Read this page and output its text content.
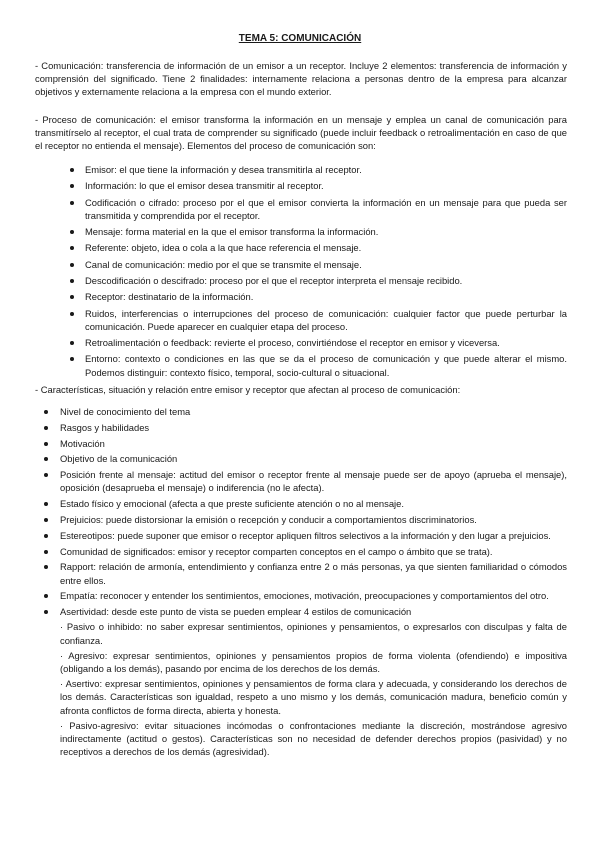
TEMA 5: COMUNICACIÓN
- Comunicación: transferencia de información de un emisor a un receptor. Incluye 2 elementos: transferencia de información y comprensión del significado. Tiene 2 finalidades: internamente relaciona a personas dentro de la empresa para alcanzar objetivos y externamente relaciona a la empresa con el mundo exterior.
- Proceso de comunicación: el emisor transforma la información en un mensaje y emplea un canal de comunicación para transmitírselo al receptor, el cual trata de comprender su significado (puede incluir feedback o retroalimentación en caso de que el receptor no entienda el mensaje). Elementos del proceso de comunicación son:
Emisor: el que tiene la información y desea transmitirla al receptor.
Información: lo que el emisor desea transmitir al receptor.
Codificación o cifrado: proceso por el que el emisor convierta la información en un mensaje para que pueda ser transmitida y comprendida por el receptor.
Mensaje: forma material en la que el emisor transforma la información.
Referente: objeto, idea o cola a la que hace referencia el mensaje.
Canal de comunicación: medio por el que se transmite el mensaje.
Descodificación o descifrado: proceso por el que el receptor interpreta el mensaje recibido.
Receptor: destinatario de la información.
Ruidos, interferencias o interrupciones del proceso de comunicación: cualquier factor que puede perturbar la comunicación. Puede aparecer en cualquier etapa del proceso.
Retroalimentación o feedback: revierte el proceso, convirtiéndose el receptor en emisor y viceversa.
Entorno: contexto o condiciones en las que se da el proceso de comunicación y que puede alterar el mismo. Podemos distinguir: contexto físico, temporal, socio-cultural o situacional.
- Características, situación y relación entre emisor y receptor que afectan al proceso de comunicación:
Nivel de conocimiento del tema
Rasgos y habilidades
Motivación
Objetivo de la comunicación
Posición frente al mensaje: actitud del emisor o receptor frente al mensaje puede ser de apoyo (aprueba el mensaje), oposición (desaprueba el mensaje) o indiferencia (no le afecta).
Estado físico y emocional (afecta a que preste suficiente atención o no al mensaje.
Prejuicios: puede distorsionar la emisión o recepción y conducir a comportamientos discriminatorios.
Estereotipos: puede suponer que emisor o receptor apliquen filtros selectivos a la información y den lugar a prejuicios.
Comunidad de significados: emisor y receptor comparten conceptos en el campo o ámbito que se trata).
Rapport: relación de armonía, entendimiento y confianza entre 2 o más personas, ya que sienten familiaridad o cómodos entre ellos.
Empatía: reconocer y entender los sentimientos, emociones, motivación, preocupaciones y comportamientos del otro.
Asertividad: desde este punto de vista se pueden emplear 4 estilos de comunicación
· Pasivo o inhibido: no saber expresar sentimientos, opiniones y pensamientos, o expresarlos con disculpas y falta de confianza.
· Agresivo: expresar sentimientos, opiniones y pensamientos propios de forma violenta (ofendiendo) e impositiva (obligando a los demás), pasando por encima de los derechos de los demás.
· Asertivo: expresar sentimientos, opiniones y pensamientos de forma clara y adecuada, y considerando los derechos de los demás. Características son igualdad, respeto a uno mismo y los demás, comunicación madura, beneficio común y afronta conflictos de forma directa, abierta y honesta.
· Pasivo-agresivo: evitar situaciones incómodas o confrontaciones mediante la discreción, mostrándose agresivo indirectamente (actitud o gestos). Características son no necesidad de defender derechos propios (pasividad) y no receptivos a derechos de los demás (agresividad).
